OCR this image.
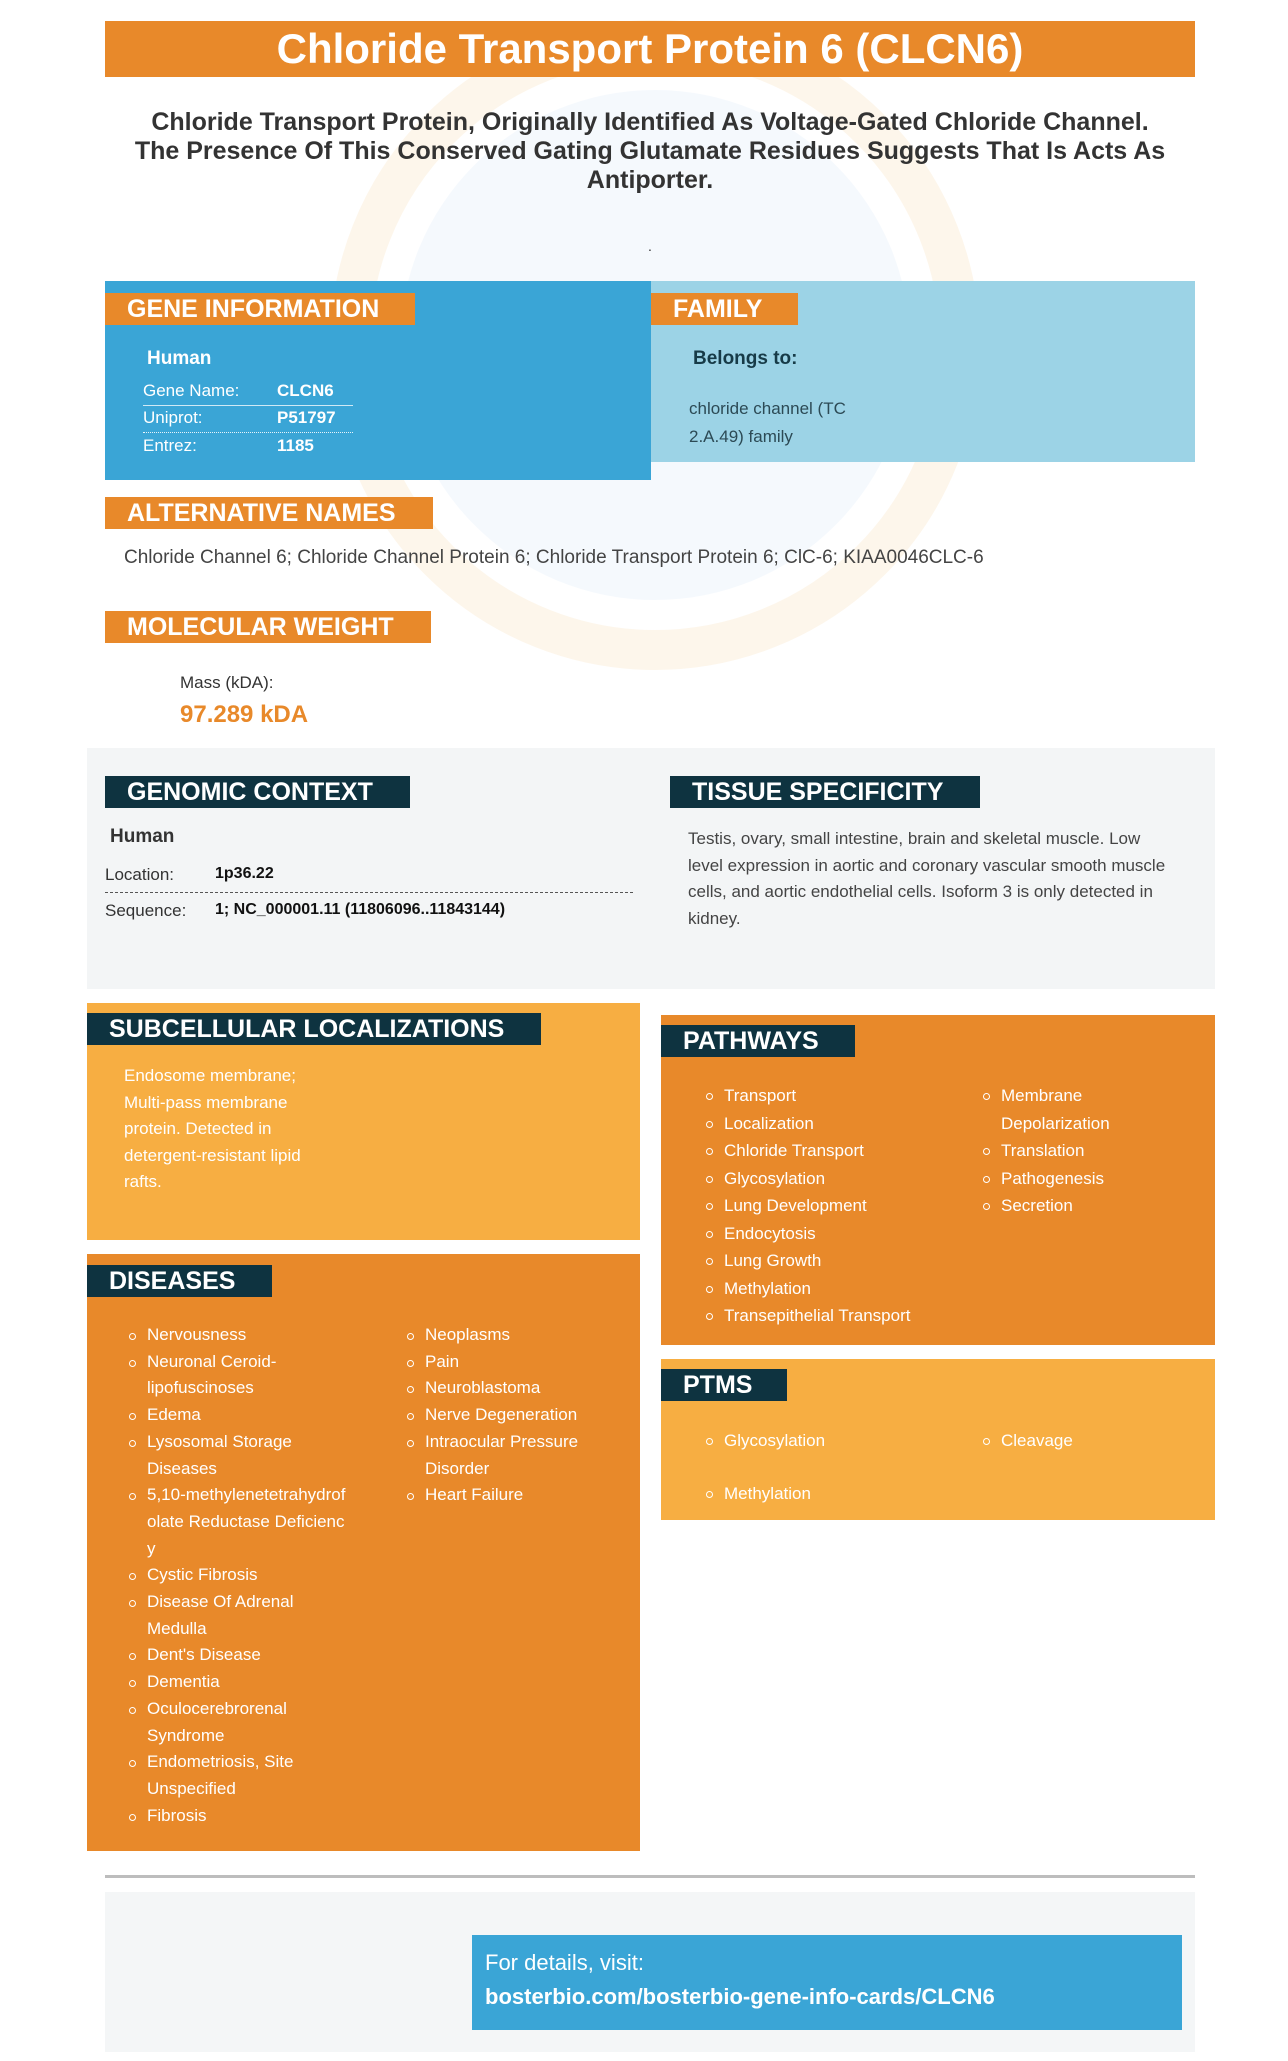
Chloride Transport Protein 6 (CLCN6)
Chloride Transport Protein, Originally Identified As Voltage-Gated Chloride Channel. The Presence Of This Conserved Gating Glutamate Residues Suggests That Is Acts As Antiporter.
.
GENE INFORMATION
Human
Gene Name: CLCN6
Uniprot:	P51797
Entrez:	1185
FAMILY
Belongs to:
chloride channel (TC 2.A.49) family
ALTERNATIVE NAMES
Chloride Channel 6; Chloride Channel Protein 6; Chloride Transport Protein 6; ClC-6; KIAA0046CLC-6
MOLECULAR WEIGHT
Mass (kDA):
97.289 kDA
GENOMIC CONTEXT
Human
Location:	1p36.22
Sequence: 1; NC_000001.11 (11806096..11843144)
TISSUE SPECIFICITY
Testis, ovary, small intestine, brain and skeletal muscle. Low level expression in aortic and coronary vascular smooth muscle cells, and aortic endothelial cells. Isoform 3 is only detected in kidney.
SUBCELLULAR LOCALIZATIONS
Endosome membrane; Multi-pass membrane protein. Detected in detergent-resistant lipid rafts.
DISEASES
Nervousness
Neuronal Ceroid-lipofuscinoses
Edema
Lysosomal Storage Diseases
5,10-methylenetetrahydrofolate Reductase Deficiency
Cystic Fibrosis
Disease Of Adrenal Medulla
Dent's Disease
Dementia
Oculocerebrorenal Syndrome
Endometriosis, Site Unspecified
Fibrosis
Neoplasms
Pain
Neuroblastoma
Nerve Degeneration
Intraocular Pressure Disorder
Heart Failure
PATHWAYS
Transport
Localization
Chloride Transport
Glycosylation
Lung Development
Endocytosis
Lung Growth
Methylation
Transepithelial Transport
Membrane Depolarization
Translation
Pathogenesis
Secretion
PTMS
Glycosylation
Methylation
Cleavage
For details, visit:
bosterbio.com/bosterbio-gene-info-cards/CLCN6
